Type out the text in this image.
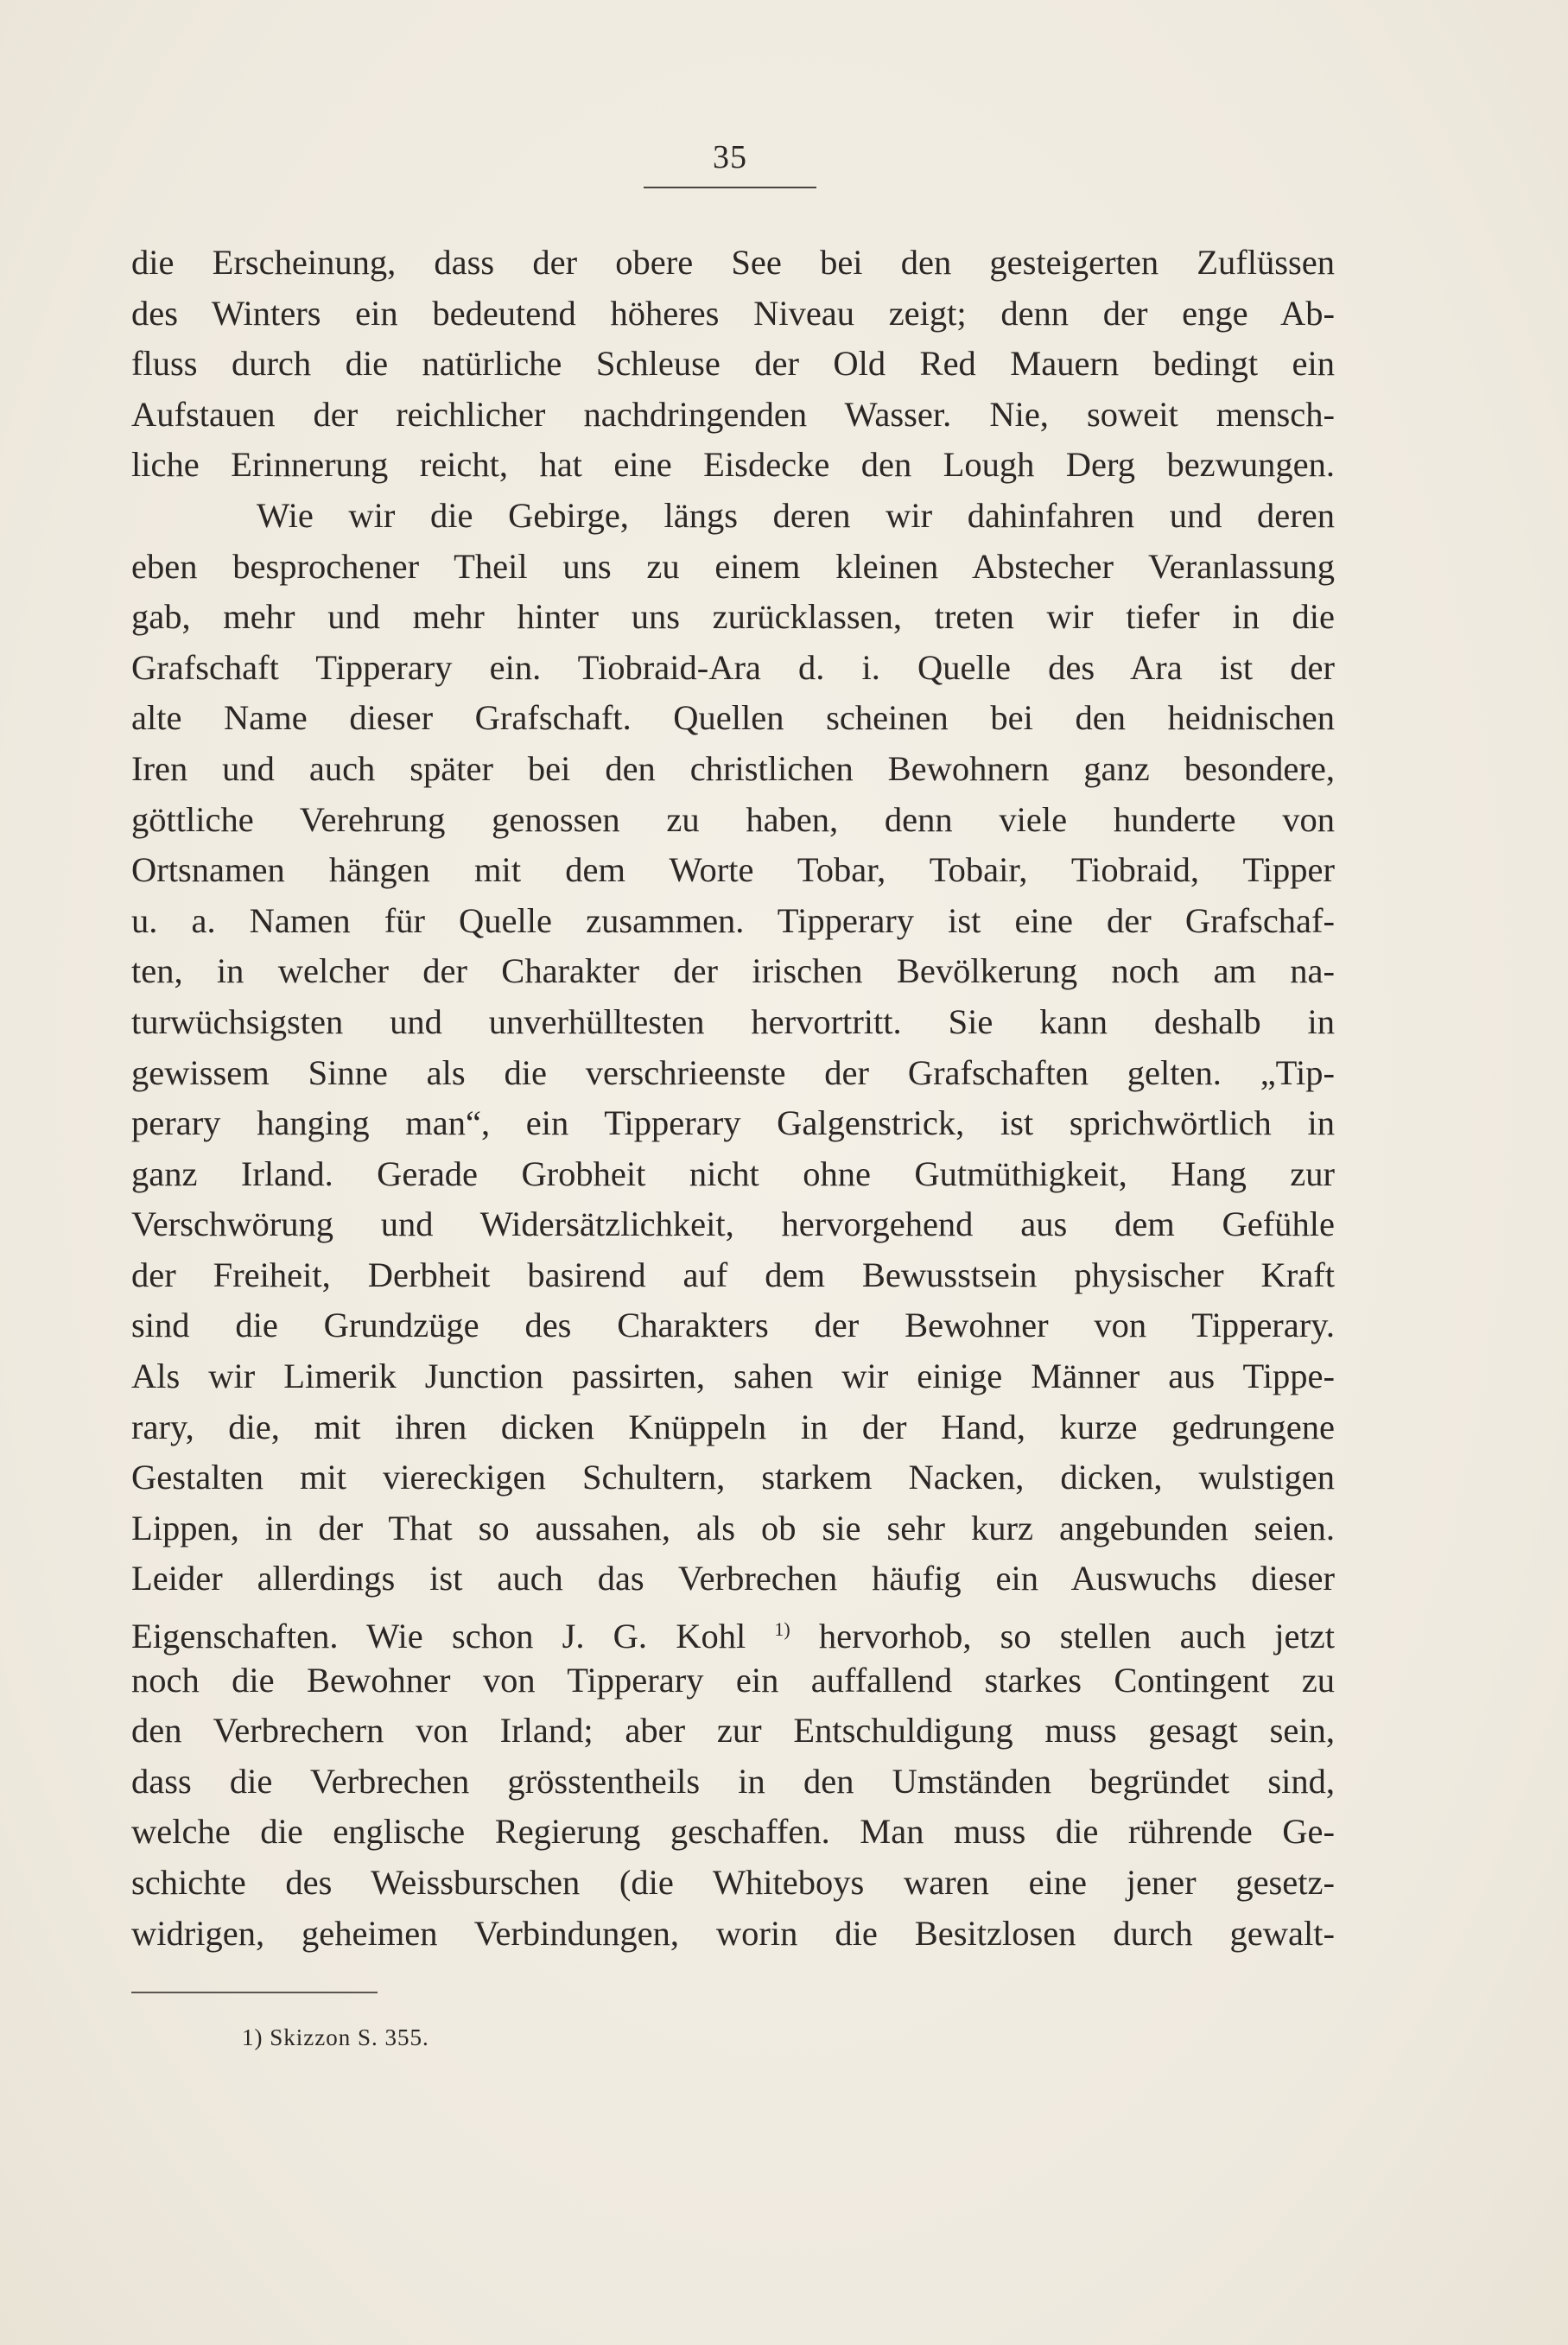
35
die Erscheinung, dass der obere See bei den gesteigerten Zuflüssen
des Winters ein bedeutend höheres Niveau zeigt; denn der enge Ab-
fluss durch die natürliche Schleuse der Old Red Mauern bedingt ein
Aufstauen der reichlicher nachdringenden Wasser. Nie, soweit mensch-
liche Erinnerung reicht, hat eine Eisdecke den Lough Derg bezwungen.
Wie wir die Gebirge, längs deren wir dahinfahren und deren
eben besprochener Theil uns zu einem kleinen Abstecher Veranlassung
gab, mehr und mehr hinter uns zurücklassen, treten wir tiefer in die
Grafschaft Tipperary ein. Tiobraid-Ara d. i. Quelle des Ara ist der
alte Name dieser Grafschaft. Quellen scheinen bei den heidnischen
Iren und auch später bei den christlichen Bewohnern ganz besondere,
göttliche Verehrung genossen zu haben, denn viele hunderte von
Ortsnamen hängen mit dem Worte Tobar, Tobair, Tiobraid, Tipper
u. a. Namen für Quelle zusammen. Tipperary ist eine der Grafschaf-
ten, in welcher der Charakter der irischen Bevölkerung noch am na-
turwüchsigsten und unverhülltesten hervortritt. Sie kann deshalb in
gewissem Sinne als die verschrieenste der Grafschaften gelten. „Tip-
perary hanging man“, ein Tipperary Galgenstrick, ist sprichwörtlich in
ganz Irland. Gerade Grobheit nicht ohne Gutmüthigkeit, Hang zur
Verschwörung und Widersätzlichkeit, hervorgehend aus dem Gefühle
der Freiheit, Derbheit basirend auf dem Bewusstsein physischer Kraft
sind die Grundzüge des Charakters der Bewohner von Tipperary.
Als wir Limerik Junction passirten, sahen wir einige Männer aus Tippe-
rary, die, mit ihren dicken Knüppeln in der Hand, kurze gedrungene
Gestalten mit viereckigen Schultern, starkem Nacken, dicken, wulstigen
Lippen, in der That so aussahen, als ob sie sehr kurz angebunden seien.
Leider allerdings ist auch das Verbrechen häufig ein Auswuchs dieser
Eigenschaften. Wie schon J. G. Kohl $^{1)}$ hervorhob, so stellen auch jetzt
noch die Bewohner von Tipperary ein auffallend starkes Contingent zu
den Verbrechern von Irland; aber zur Entschuldigung muss gesagt sein,
dass die Verbrechen grösstentheils in den Umständen begründet sind,
welche die englische Regierung geschaffen. Man muss die rührende Ge-
schichte des Weissburschen (die Whiteboys waren eine jener gesetz-
widrigen, geheimen Verbindungen, worin die Besitzlosen durch gewalt-
1) Skizzon S. 355.
